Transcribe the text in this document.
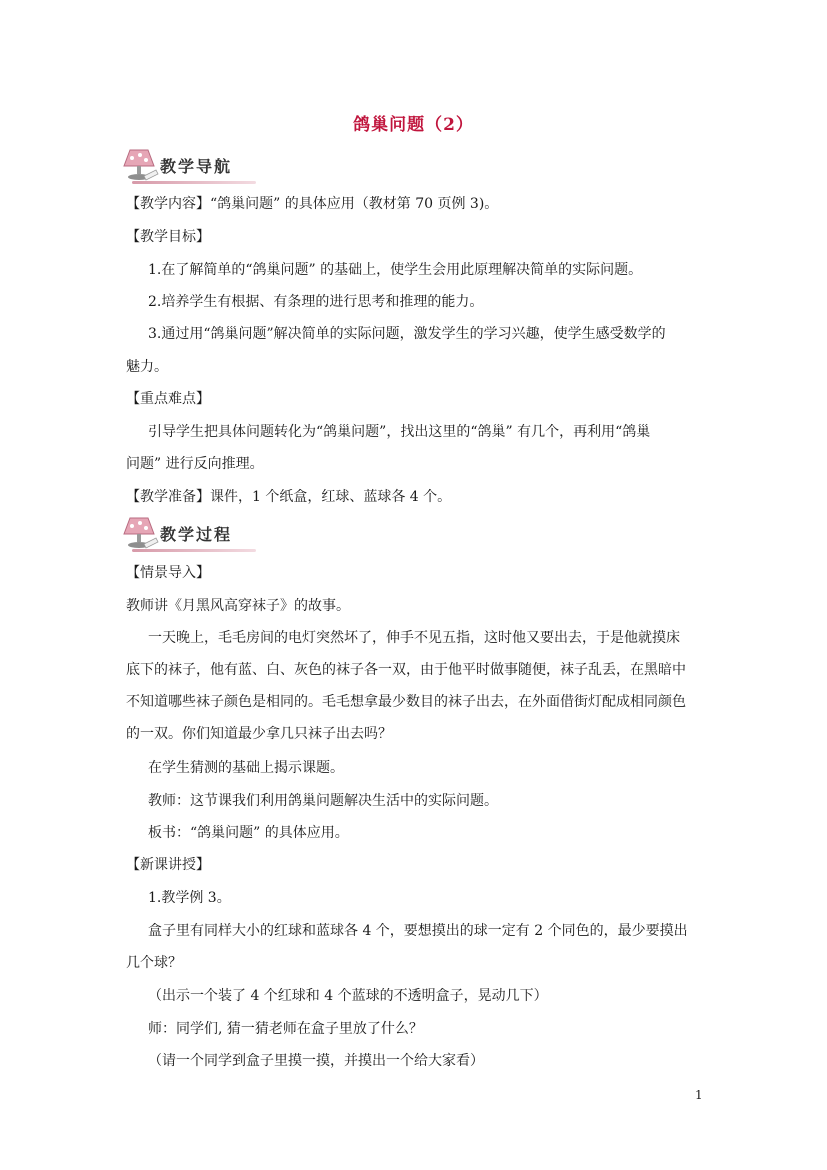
鸽巢问题（2）
教学导航
【教学内容】“鸽巢问题” 的具体应用（教材第 70 页例 3)。
【教学目标】
1.在了解简单的“鸽巢问题” 的基础上，使学生会用此原理解决简单的实际问题。
2.培养学生有根据、有条理的进行思考和推理的能力。
3.通过用“鸽巢问题”解决简单的实际问题，激发学生的学习兴趣，使学生感受数学的
魅力。
【重点难点】
引导学生把具体问题转化为“鸽巢问题”，找出这里的“鸽巢” 有几个，再利用“鸽巢
问题” 进行反向推理。
【教学准备】课件，1 个纸盒，红球、蓝球各 4 个。
教学过程
【情景导入】
教师讲《月黑风高穿袜子》的故事。
一天晚上，毛毛房间的电灯突然坏了，伸手不见五指，这时他又要出去，于是他就摸床
底下的袜子，他有蓝、白、灰色的袜子各一双，由于他平时做事随便，袜子乱丢，在黑暗中
不知道哪些袜子颜色是相同的。毛毛想拿最少数目的袜子出去，在外面借街灯配成相同颜色
的一双。你们知道最少拿几只袜子出去吗？
在学生猜测的基础上揭示课题。
教师：这节课我们利用鸽巢问题解决生活中的实际问题。
板书：“鸽巢问题” 的具体应用。
【新课讲授】
1.教学例 3。
盒子里有同样大小的红球和蓝球各 4 个，要想摸出的球一定有 2 个同色的，最少要摸出
几个球？
（出示一个装了 4 个红球和 4 个蓝球的不透明盒子，晃动几下）
师：同学们, 猜一猜老师在盒子里放了什么？
（请一个同学到盒子里摸一摸，并摸出一个给大家看）
1
